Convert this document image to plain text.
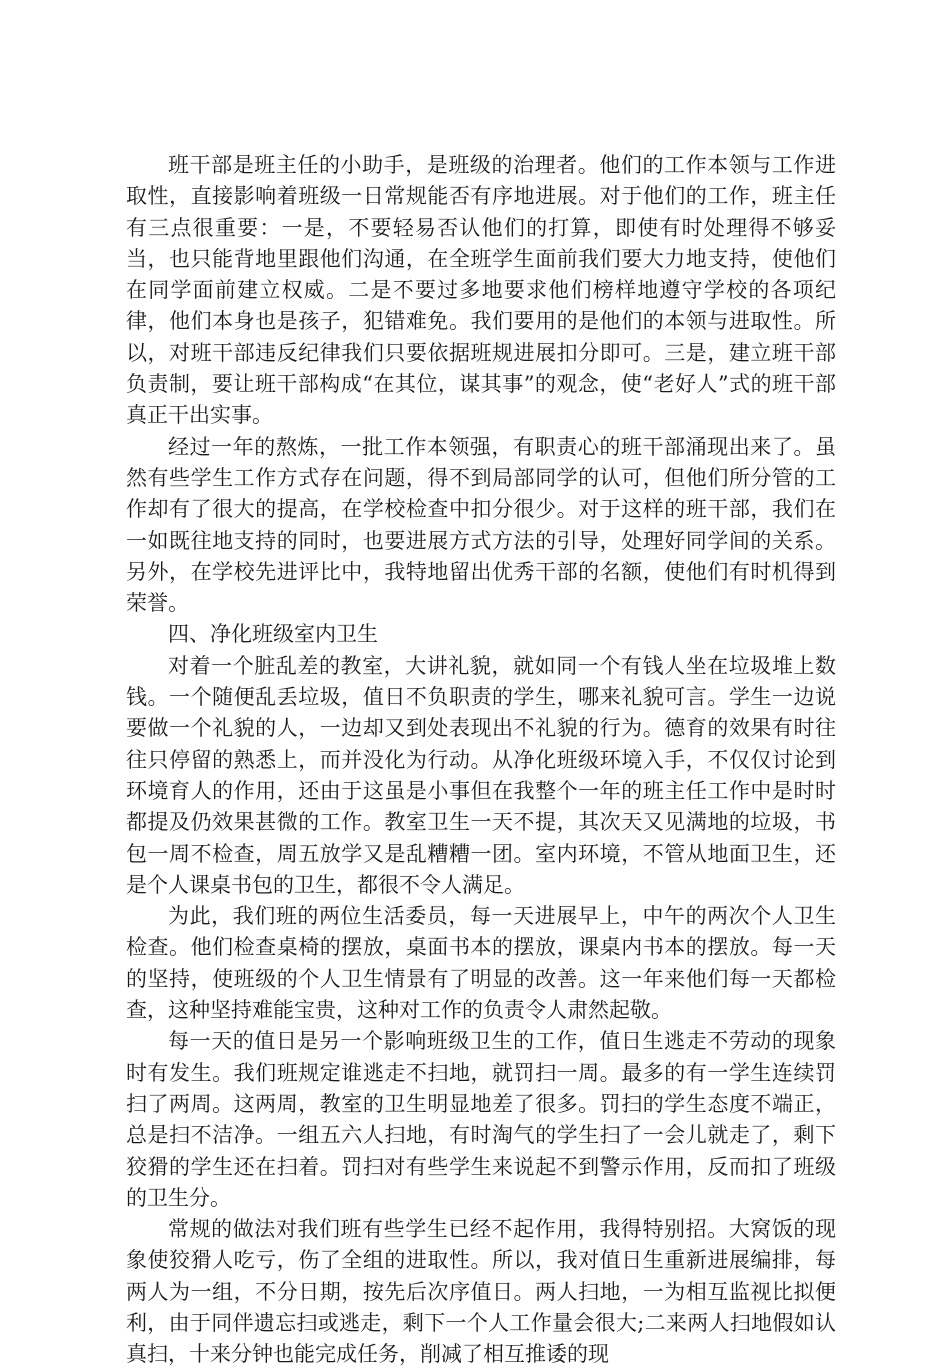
班干部是班主任的小助手，是班级的治理者。他们的工作本领与工作进取性，直接影响着班级一日常规能否有序地进展。对于他们的工作，班主任有三点很重要：一是，不要轻易否认他们的打算，即使有时处理得不够妥当，也只能背地里跟他们沟通，在全班学生面前我们要大力地支持，使他们在同学面前建立权威。二是不要过多地要求他们榜样地遵守学校的各项纪律，他们本身也是孩子，犯错难免。我们要用的是他们的本领与进取性。所以，对班干部违反纪律我们只要依据班规进展扣分即可。三是，建立班干部负责制，要让班干部构成“在其位，谋其事”的观念，使“老好人”式的班干部真正干出实事。

经过一年的熬炼，一批工作本领强，有职责心的班干部涌现出来了。虽然有些学生工作方式存在问题，得不到局部同学的认可，但他们所分管的工作却有了很大的提高，在学校检查中扣分很少。对于这样的班干部，我们在一如既往地支持的同时，也要进展方式方法的引导，处理好同学间的关系。另外，在学校先进评比中，我特地留出优秀干部的名额，使他们有时机得到荣誉。

四、净化班级室内卫生

对着一个脏乱差的教室，大讲礼貌，就如同一个有钱人坐在垃圾堆上数钱。一个随便乱丢垃圾，值日不负职责的学生，哪来礼貌可言。学生一边说要做一个礼貌的人，一边却又到处表现出不礼貌的行为。德育的效果有时往往只停留的熟悉上，而并没化为行动。从净化班级环境入手，不仅仅讨论到环境育人的作用，还由于这虽是小事但在我整个一年的班主任工作中是时时都提及仍效果甚微的工作。教室卫生一天不提，其次天又见满地的垃圾，书包一周不检查，周五放学又是乱糟糟一团。室内环境，不管从地面卫生，还是个人课桌书包的卫生，都很不令人满足。

为此，我们班的两位生活委员，每一天进展早上，中午的两次个人卫生检查。他们检查桌椅的摆放，桌面书本的摆放，课桌内书本的摆放。每一天的坚持，使班级的个人卫生情景有了明显的改善。这一年来他们每一天都检查，这种坚持难能宝贵，这种对工作的负责令人肃然起敬。

每一天的值日是另一个影响班级卫生的工作，值日生逃走不劳动的现象时有发生。我们班规定谁逃走不扫地，就罚扫一周。最多的有一学生连续罚扫了两周。这两周，教室的卫生明显地差了很多。罚扫的学生态度不端正，总是扫不洁净。一组五六人扫地，有时淘气的学生扫了一会儿就走了，剩下狡猾的学生还在扫着。罚扫对有些学生来说起不到警示作用，反而扣了班级的卫生分。

常规的做法对我们班有些学生已经不起作用，我得特别招。大窝饭的现象使狡猾人吃亏，伤了全组的进取性。所以，我对值日生重新进展编排，每两人为一组，不分日期，按先后次序值日。两人扫地，一为相互监视比拟便利，由于同伴遗忘扫或逃走，剩下一个人工作量会很大;二来两人扫地假如认真扫，十来分钟也能完成任务，削减了相互推诿的现
